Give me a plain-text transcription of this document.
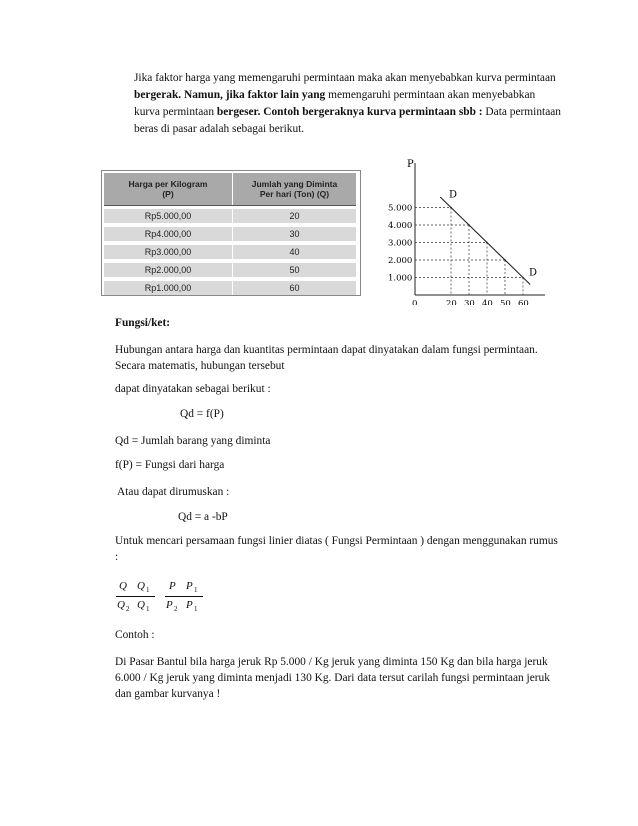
Jika faktor harga yang memengaruhi permintaan maka akan menyebabkan kurva permintaan
bergerak. Namun, jika faktor lain yang memengaruhi permintaan akan menyebabkan
kurva permintaan bergeser. Contoh bergeraknya kurva permintaan sbb : Data permintaan
beras di pasar adalah sebagai berikut.
Harga per Kilogram
(P)
Jumlah yang Diminta
Per hari (Ton) (Q)
Rp5.000,00	20
Rp4.000,00	30
Rp3.000,00	40
Rp2.000,00	50
Rp1.000,00	60
P
5.000
4.000
3.000
2.000
1.000
0	20 30 40 50 60
D
D
Fungsi/ket:
Hubungan antara harga dan kuantitas permintaan dapat dinyatakan dalam fungsi permintaan.
Secara matematis, hubungan tersebut
dapat dinyatakan sebagai berikut :
Qd = f(P)
Qd = Jumlah barang yang diminta
f(P) = Fungsi dari harga
Atau dapat dirumuskan :
Qd = a -bP
Untuk mencari persamaan fungsi linier diatas ( Fungsi Permintaan ) dengan menggunakan rumus
:
Q Q 1
Q 2 Q 1
P P 1
P 2 P 1
Contoh :
Di Pasar Bantul bila harga jeruk Rp 5.000 / Kg jeruk yang diminta 150 Kg dan bila harga jeruk
6.000 / Kg jeruk yang diminta menjadi 130 Kg. Dari data tersut carilah fungsi permintaan jeruk
dan gambar kurvanya !
